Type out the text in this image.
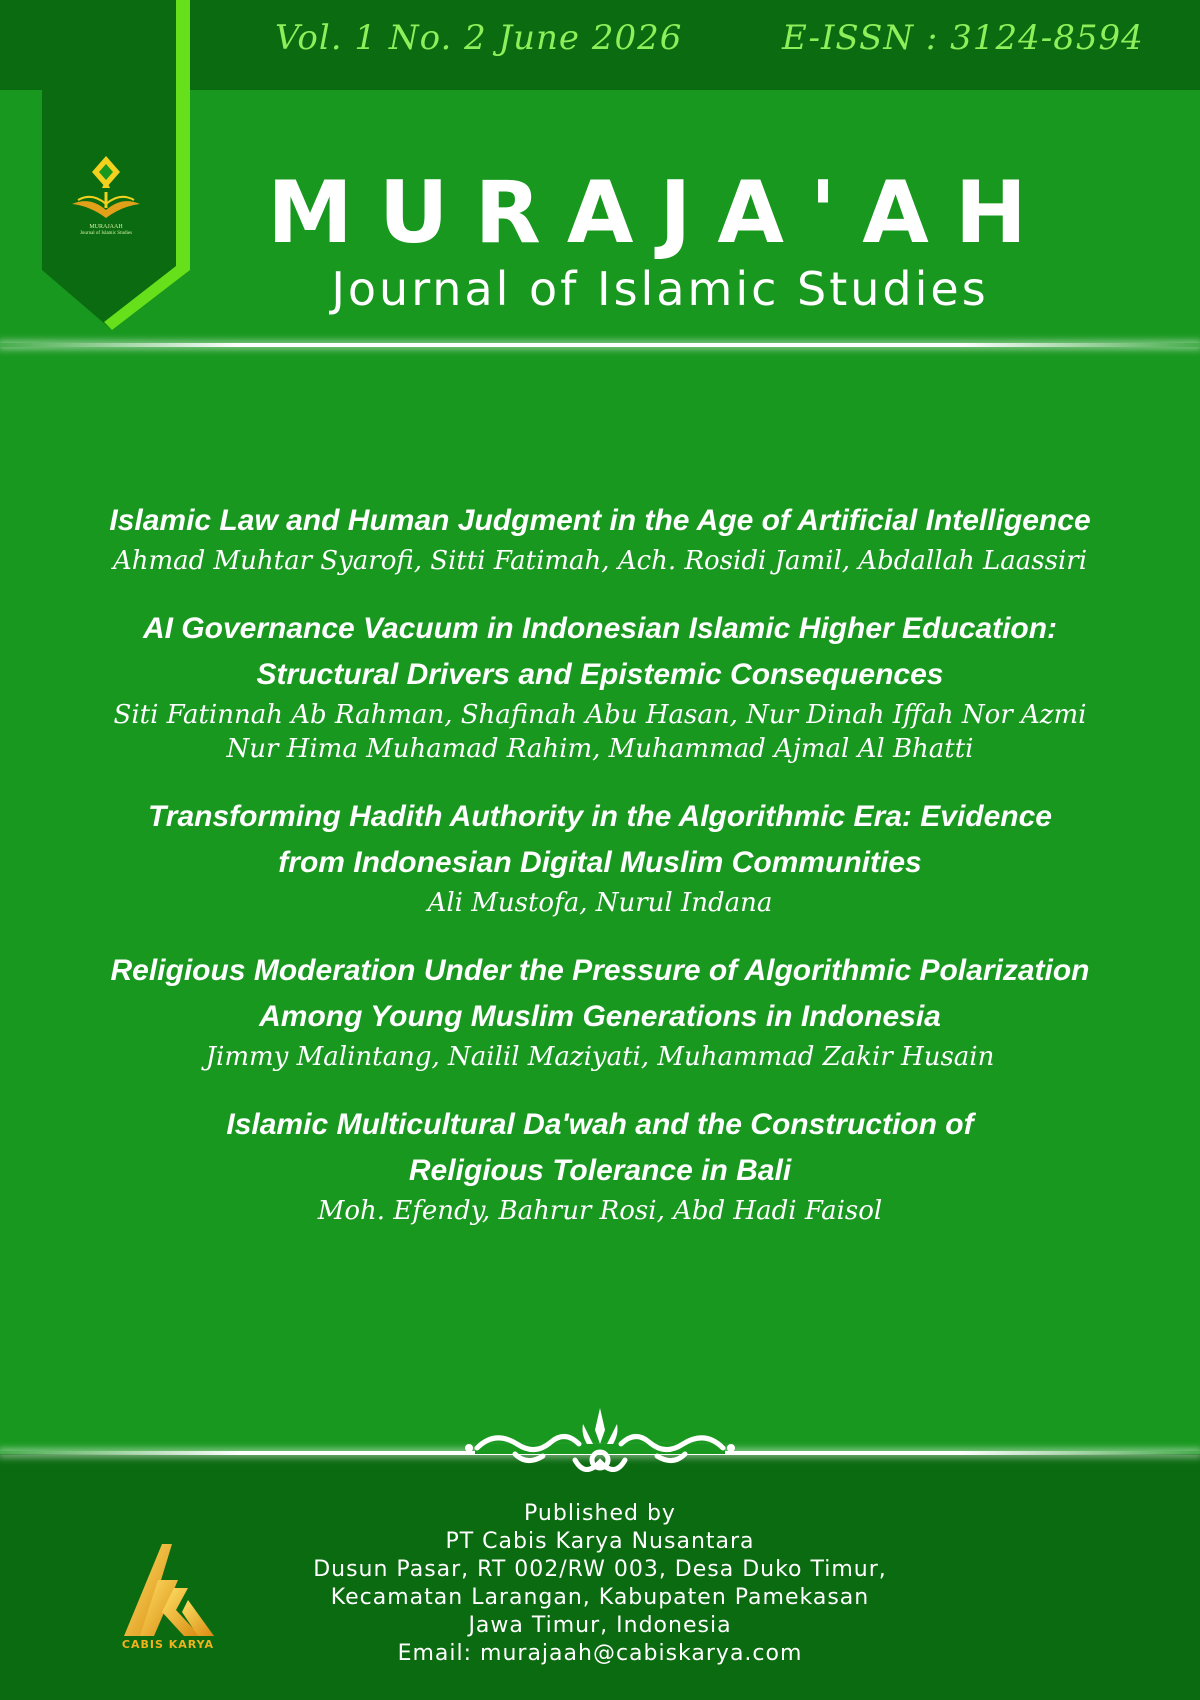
Vol. 1 No. 2 June 2026	E-ISSN : 3124-8594
MURAJAAH
Journal of Islamic Studies	MURAJA'AH
Journal of Islamic Studies
Islamic Law and Human Judgment in the Age of Artificial Intelligence
Ahmad Muhtar Syarofi, Sitti Fatimah, Ach. Rosidi Jamil, Abdallah Laassiri
AI Governance Vacuum in Indonesian Islamic Higher Education:
Structural Drivers and Epistemic Consequences
Siti Fatinnah Ab Rahman, Shafinah Abu Hasan, Nur Dinah Iffah Nor Azmi
Nur Hima Muhamad Rahim, Muhammad Ajmal Al Bhatti
Transforming Hadith Authority in the Algorithmic Era: Evidence
from Indonesian Digital Muslim Communities
Ali Mustofa, Nurul Indana
Religious Moderation Under the Pressure of Algorithmic Polarization
Among Young Muslim Generations in Indonesia
Jimmy Malintang, Nailil Maziyati, Muhammad Zakir Husain
Islamic Multicultural Da'wah and the Construction of
Religious Tolerance in Bali
Moh. Efendy, Bahrur Rosi, Abd Hadi Faisol
Published by
PT Cabis Karya Nusantara
Dusun Pasar, RT 002/RW 003, Desa Duko Timur,
Kecamatan Larangan, Kabupaten Pamekasan
Jawa Timur, Indonesia
Email: murajaah@cabiskarya.com
CABIS KARYA
